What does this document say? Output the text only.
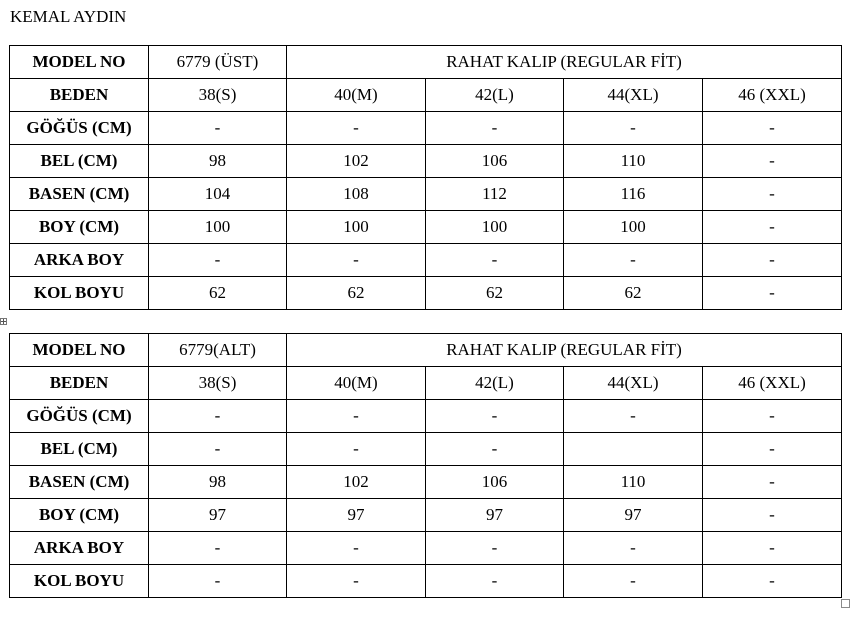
KEMAL AYDIN
MODEL NO	6779 (ÜST)	RAHAT KALIP (REGULAR FİT)			
BEDEN	38(S)	40(M)	42(L)	44(XL)	46 (XXL)
GÖĞÜS (CM)	-	-	-	-	-
BEL (CM)	98	102	106	110	-
BASEN (CM)	104	108	112	116	-
BOY (CM)	100	100	100	100	-
ARKA BOY	-	-	-	-	-
KOL BOYU	62	62	62	62	-
MODEL NO	6779(ALT)	RAHAT KALIP (REGULAR FİT)			
BEDEN	38(S)	40(M)	42(L)	44(XL)	46 (XXL)
GÖĞÜS (CM)	-	-	-	-	-
BEL (CM)	-	-	-		-
BASEN (CM)	98	102	106	110	-
BOY (CM)	97	97	97	97	-
ARKA BOY	-	-	-	-	-
KOL BOYU	-	-	-	-	-
